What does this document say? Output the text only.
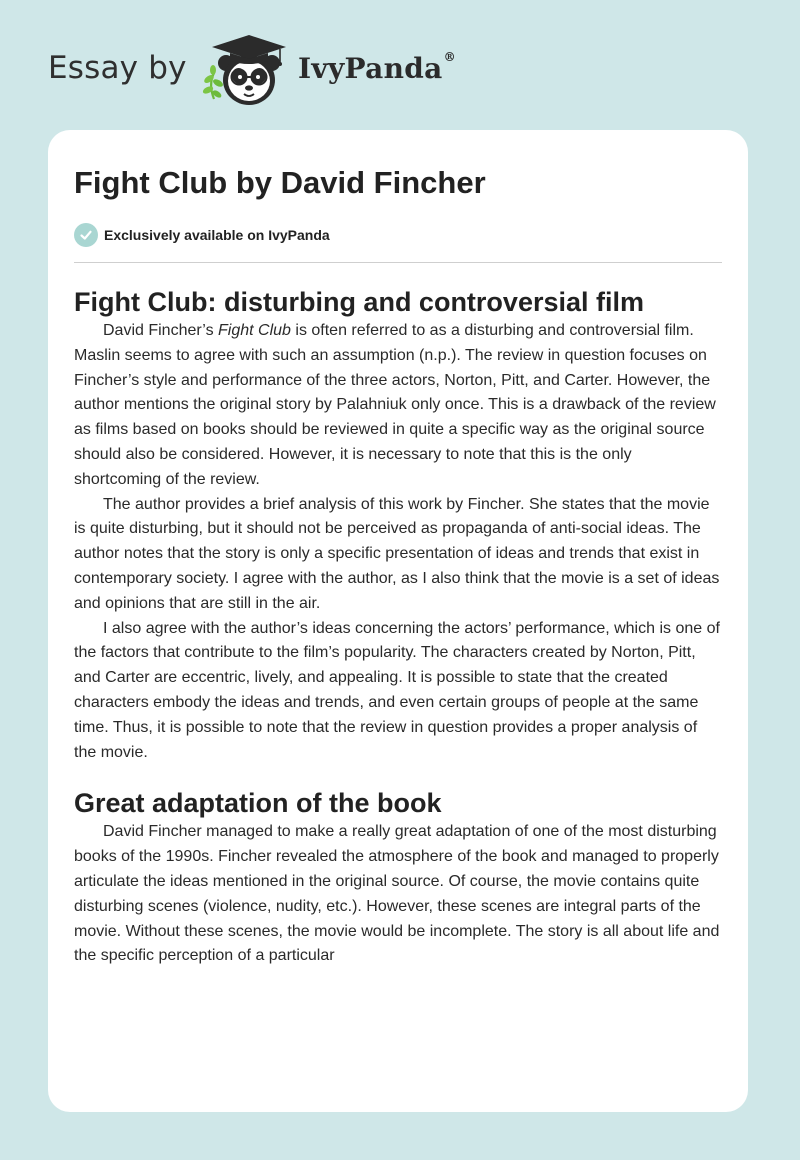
Essay by	IvyPanda®
Fight Club by David Fincher
Exclusively available on IvyPanda
Fight Club: disturbing and controversial film

David Fincher’s Fight Club is often referred to as a disturbing and controversial film. Maslin seems to agree with such an assumption (n.p.). The review in question focuses on Fincher’s style and performance of the three actors, Norton, Pitt, and Carter. However, the author mentions the original story by Palahniuk only once. This is a drawback of the review as films based on books should be reviewed in quite a specific way as the original source should also be considered. However, it is necessary to note that this is the only shortcoming of the review.

The author provides a brief analysis of this work by Fincher. She states that the movie is quite disturbing, but it should not be perceived as propaganda of anti-social ideas. The author notes that the story is only a specific presentation of ideas and trends that exist in contemporary society. I agree with the author, as I also think that the movie is a set of ideas and opinions that are still in the air.

I also agree with the author’s ideas concerning the actors’ performance, which is one of the factors that contribute to the film’s popularity. The characters created by Norton, Pitt, and Carter are eccentric, lively, and appealing. It is possible to state that the created characters embody the ideas and trends, and even certain groups of people at the same time. Thus, it is possible to note that the review in question provides a proper analysis of the movie.

Great adaptation of the book

David Fincher managed to make a really great adaptation of one of the most disturbing books of the 1990s. Fincher revealed the atmosphere of the book and managed to properly articulate the ideas mentioned in the original source. Of course, the movie contains quite disturbing scenes (violence, nudity, etc.). However, these scenes are integral parts of the movie. Without these scenes, the movie would be incomplete. The story is all about life and the specific perception of a particular
